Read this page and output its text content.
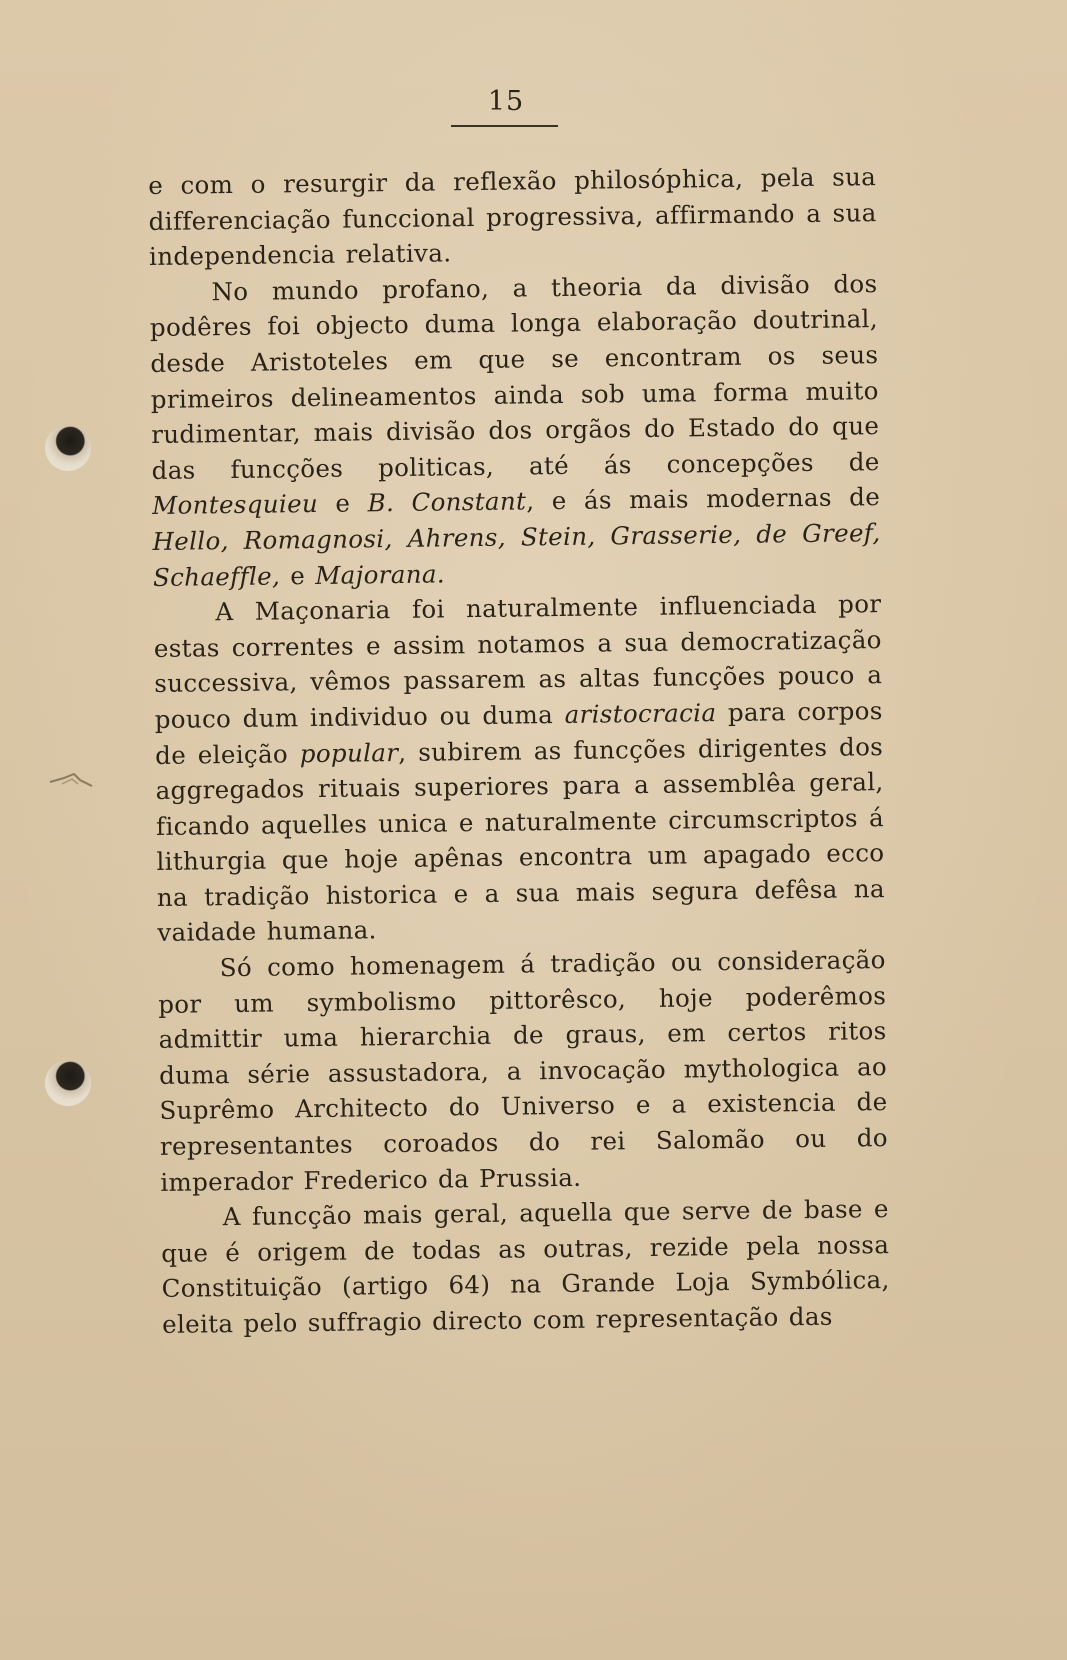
15

e com o resurgir da reflexão philosóphica, pela sua differenciação funccional progressiva, affirmando a sua independencia relativa.

No mundo profano, a theoria da divisão dos podêres foi objecto duma longa elaboração doutrinal, desde Aristoteles em que se encontram os seus primeiros delineamentos ainda sob uma forma muito rudimentar, mais divisão dos orgãos do Estado do que das funcções politicas, até ás concepções de Montesquieu e B. Constant, e ás mais modernas de Hello, Romagnosi, Ahrens, Stein, Grasserie, de Greef, Schaeffle, e Majorana.

A Maçonaria foi naturalmente influenciada por estas correntes e assim notamos a sua democratização successiva, vêmos passarem as altas funcções pouco a pouco dum individuo ou duma aristocracia para corpos de eleição popular, subirem as funcções dirigentes dos aggregados rituais superiores para a assemblêa geral, ficando aquelles unica e naturalmente circumscriptos á lithurgia que hoje apênas encontra um apagado ecco na tradição historica e a sua mais segura defêsa na vaidade humana.

Só como homenagem á tradição ou consideração por um symbolismo pittorêsco, hoje poderêmos admittir uma hierarchia de graus, em certos ritos duma série assustadora, a invocação mythologica ao Suprêmo Architecto do Universo e a existencia de representantes coroados do rei Salomão ou do imperador Frederico da Prussia.

A funcção mais geral, aquella que serve de base e que é origem de todas as outras, rezide pela nossa Constituição (artigo 64) na Grande Loja Symbólica, eleita pelo suffragio directo com representação das
